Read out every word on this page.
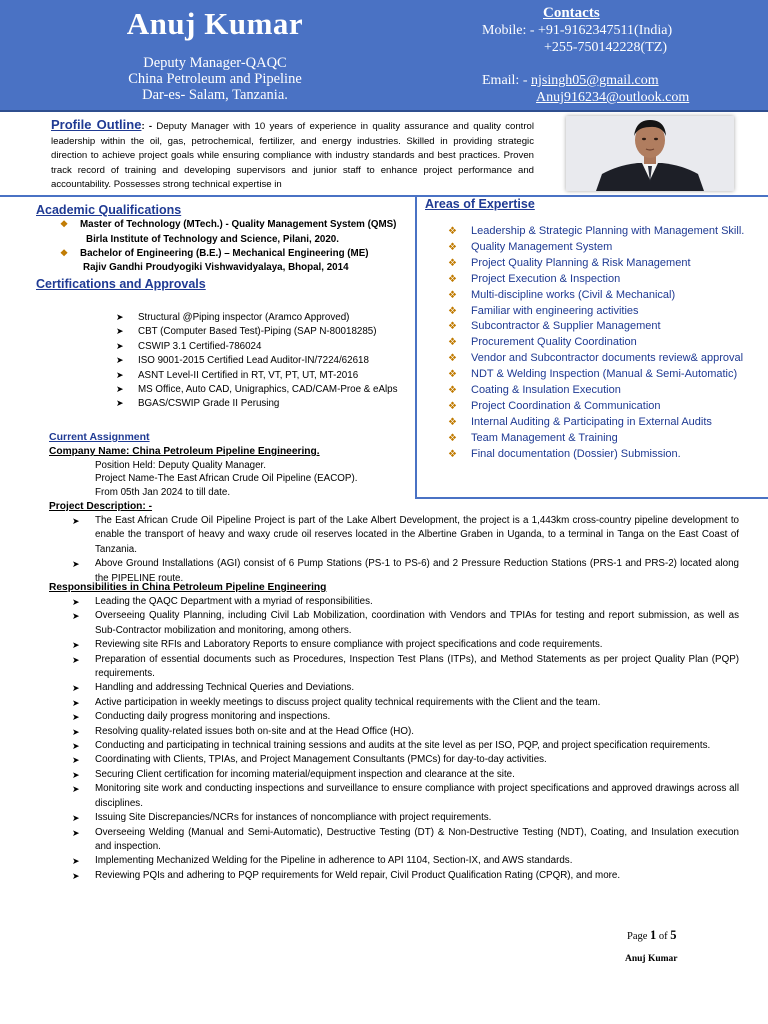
Anuj Kumar
Deputy Manager-QAQC
China Petroleum and Pipeline
Dar-es- Salam, Tanzania.
Contacts
Mobile: - +91-9162347511(India)
+255-750142228(TZ)
Email: - njsingh05@gmail.com
Anuj916234@outlook.com
Profile Outline: - Deputy Manager with 10 years of experience in quality assurance and quality control leadership within the oil, gas, petrochemical, fertilizer, and energy industries. Skilled in providing strategic direction to achieve project goals while ensuring compliance with industry standards and best practices. Proven track record of training and developing supervisors and junior staff to enhance project performance and accountability. Possesses strong technical expertise in
Academic Qualifications
❖ Master of Technology (MTech.) - Quality Management System (QMS)
Birla Institute of Technology and Science, Pilani, 2020.
❖ Bachelor of Engineering (B.E.) – Mechanical Engineering (ME)
Rajiv Gandhi Proudyogiki Vishwavidyalaya, Bhopal, 2014
Certifications and Approvals
➤ Structural @Piping inspector (Aramco Approved)
➤ CBT (Computer Based Test)-Piping (SAP N-80018285)
➤ CSWIP 3.1 Certified-786024
➤ ISO 9001-2015 Certified Lead Auditor-IN/7224/62618
➤ ASNT Level-II Certified in RT, VT, PT, UT, MT-2016
➤ MS Office, Auto CAD, Unigraphics, CAD/CAM-Proe & eAlps
➤ BGAS/CSWIP Grade II Perusing
Areas of Expertise
❖ Leadership & Strategic Planning with Management Skill.
❖ Quality Management System
❖ Project Quality Planning & Risk Management
❖ Project Execution & Inspection
❖ Multi-discipline works (Civil & Mechanical)
❖ Familiar with engineering activities
❖ Subcontractor & Supplier Management
❖ Procurement Quality Coordination
❖ Vendor and Subcontractor documents review& approval
❖ NDT & Welding Inspection (Manual & Semi-Automatic)
❖ Coating & Insulation Execution
❖ Project Coordination & Communication
❖ Internal Auditing & Participating in External Audits
❖ Team Management & Training
❖ Final documentation (Dossier) Submission.
Current Assignment
Company Name: China Petroleum Pipeline Engineering.
Position Held: Deputy Quality Manager.
Project Name-The East African Crude Oil Pipeline (EACOP).
From 05th Jan 2024 to till date.
Project Description: -
➤ The East African Crude Oil Pipeline Project is part of the Lake Albert Development, the project is a 1,443km cross-country pipeline development to enable the transport of heavy and waxy crude oil reserves located in the Albertine Graben in Uganda, to a terminal in Tanga on the East Coast of Tanzania.
➤ Above Ground Installations (AGI) consist of 6 Pump Stations (PS-1 to PS-6) and 2 Pressure Reduction Stations (PRS-1 and PRS-2) located along the PIPELINE route.
Responsibilities in China Petroleum Pipeline Engineering
➤ Leading the QAQC Department with a myriad of responsibilities.
➤ Overseeing Quality Planning, including Civil Lab Mobilization, coordination with Vendors and TPIAs for testing and report submission, as well as Sub-Contractor mobilization and monitoring, among others.
➤ Reviewing site RFIs and Laboratory Reports to ensure compliance with project specifications and code requirements.
➤ Preparation of essential documents such as Procedures, Inspection Test Plans (ITPs), and Method Statements as per project Quality Plan (PQP) requirements.
➤ Handling and addressing Technical Queries and Deviations.
➤ Active participation in weekly meetings to discuss project quality technical requirements with the Client and the team.
➤ Conducting daily progress monitoring and inspections.
➤ Resolving quality-related issues both on-site and at the Head Office (HO).
➤ Conducting and participating in technical training sessions and audits at the site level as per ISO, PQP, and project specification requirements.
➤ Coordinating with Clients, TPIAs, and Project Management Consultants (PMCs) for day-to-day activities.
➤ Securing Client certification for incoming material/equipment inspection and clearance at the site.
➤ Monitoring site work and conducting inspections and surveillance to ensure compliance with project specifications and approved drawings across all disciplines.
➤ Issuing Site Discrepancies/NCRs for instances of noncompliance with project requirements.
➤ Overseeing Welding (Manual and Semi-Automatic), Destructive Testing (DT) & Non-Destructive Testing (NDT), Coating, and Insulation execution and inspection.
➤ Implementing Mechanized Welding for the Pipeline in adherence to API 1104, Section-IX, and AWS standards.
➤ Reviewing PQIs and adhering to PQP requirements for Weld repair, Civil Product Qualification Rating (CPQR), and more.
Page 1 of 5
Anuj Kumar
